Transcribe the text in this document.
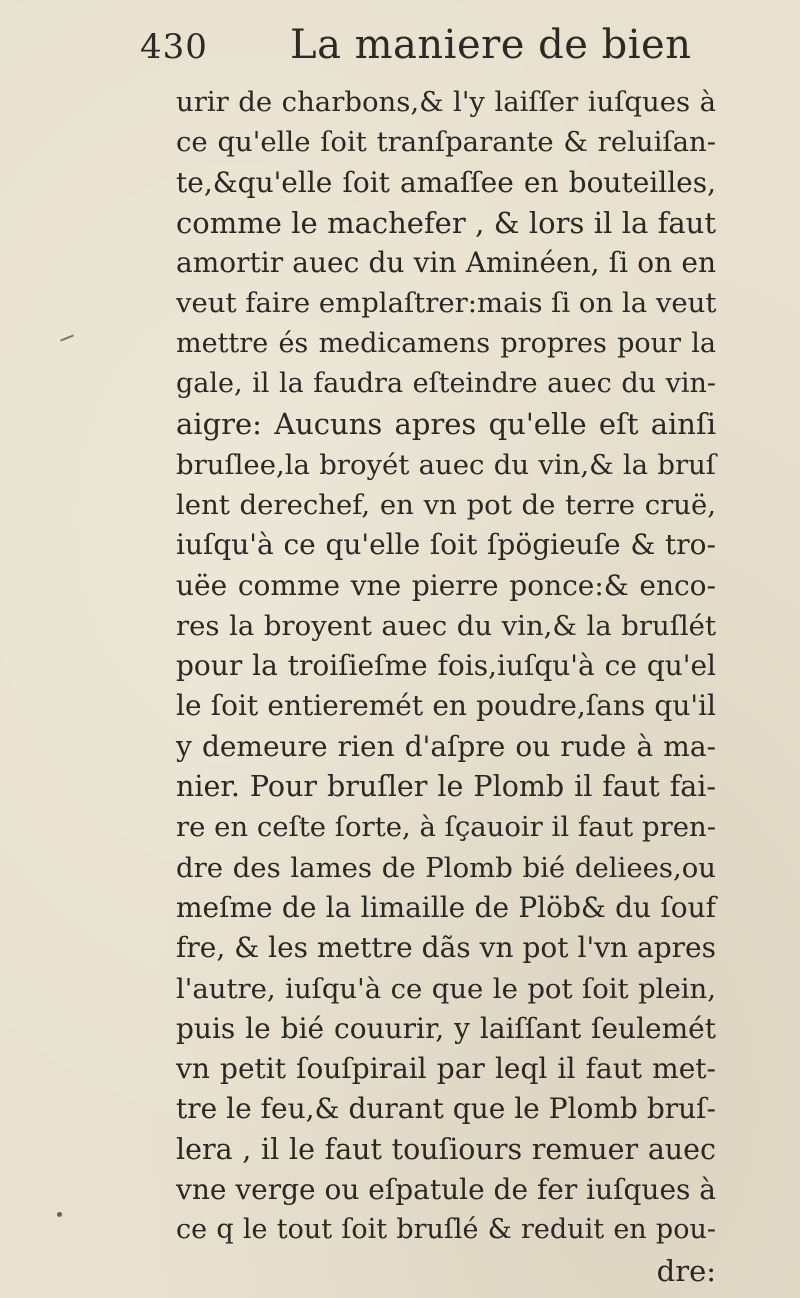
430	La maniere de bien
urir de charbons,& l'y laiſſer iuſques à
ce qu'elle ſoit tranſparante & reluiſan-
te,&qu'elle ſoit amaſſee en bouteilles,
comme le machefer , & lors il la faut
amortir auec du vin Aminéen, ſi on en
veut faire emplaſtrer:mais ſi on la veut
mettre és medicamens propres pour la
gale, il la faudra eſteindre auec du vin-
aigre: Aucuns apres qu'elle eſt ainſi
bruſlee,la broyét auec du vin,& la bruſ
lent derechef, en vn pot de terre cruë,
iuſqu'à ce qu'elle ſoit ſpögieuſe & tro-
uëe comme vne pierre ponce:& enco-
res la broyent auec du vin,& la bruſlét
pour la troiſieſme fois,iuſqu'à ce qu'el
le ſoit entieremét en poudre,ſans qu'il
y demeure rien d'aſpre ou rude à ma-
nier. Pour bruſler le Plomb il faut fai-
re en ceſte ſorte, à ſçauoir il faut pren-
dre des lames de Plomb bié deliees,ou
meſme de la limaille de Plöb& du ſouf
fre, & les mettre dãs vn pot l'vn apres
l'autre, iuſqu'à ce que le pot ſoit plein,
puis le bié couurir, y laiſſant ſeulemét
vn petit ſouſpirail par leql il faut met-
tre le feu,& durant que le Plomb bruſ-
lera , il le faut touſiours remuer auec
vne verge ou eſpatule de fer iuſques à
ce q le tout ſoit bruſlé & reduit en pou-
dre:
